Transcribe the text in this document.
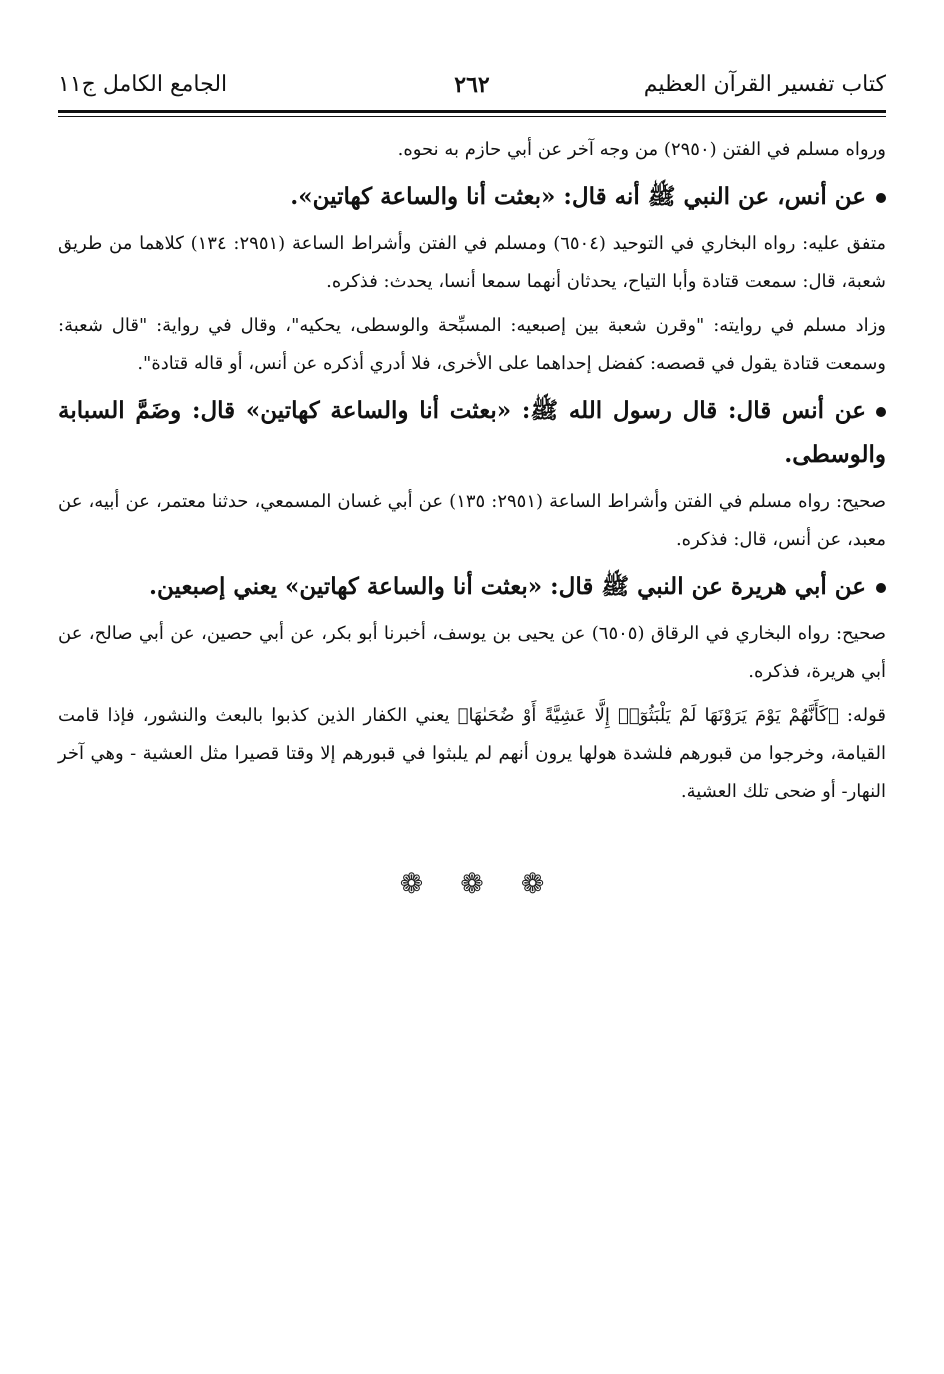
كتاب تفسير القرآن العظيم
٢٦٢
الجامع الكامل ج١١

ورواه مسلم في الفتن (٢٩٥٠) من وجه آخر عن أبي حازم به نحوه.

عن أنس، عن النبي ﷺ أنه قال: «بعثت أنا والساعة كهاتين».

متفق عليه: رواه البخاري في التوحيد (٦٥٠٤) ومسلم في الفتن وأشراط الساعة (٢٩٥١: ١٣٤) كلاهما من طريق شعبة، قال: سمعت قتادة وأبا التياح، يحدثان أنهما سمعا أنسا، يحدث: فذكره.

وزاد مسلم في روايته: "وقرن شعبة بين إصبعيه: المسبِّحة والوسطى، يحكيه"، وقال في رواية: "قال شعبة: وسمعت قتادة يقول في قصصه: كفضل إحداهما على الأخرى، فلا أدري أذكره عن أنس، أو قاله قتادة".

عن أنس قال: قال رسول الله ﷺ: «بعثت أنا والساعة كهاتين» قال: وضَمَّ السبابة والوسطى.

صحيح: رواه مسلم في الفتن وأشراط الساعة (٢٩٥١: ١٣٥) عن أبي غسان المسمعي، حدثنا معتمر، عن أبيه، عن معبد، عن أنس، قال: فذكره.

عن أبي هريرة عن النبي ﷺ قال: «بعثت أنا والساعة كهاتين» يعني إصبعين.

صحيح: رواه البخاري في الرقاق (٦٥٠٥) عن يحيى بن يوسف، أخبرنا أبو بكر، عن أبي حصين، عن أبي صالح، عن أبي هريرة، فذكره.

قوله: ﴿كَأَنَّهُمْ يَوْمَ يَرَوْنَهَا لَمْ يَلْبَثُوٓا۟ إِلَّا عَشِيَّةً أَوْ ضُحَىٰهَا﴾ يعني الكفار الذين كذبوا بالبعث والنشور، فإذا قامت القيامة، وخرجوا من قبورهم فلشدة هولها يرون أنهم لم يلبثوا في قبورهم إلا وقتا قصيرا مثل العشية - وهي آخر النهار- أو ضحى تلك العشية.

❁ ❁ ❁
